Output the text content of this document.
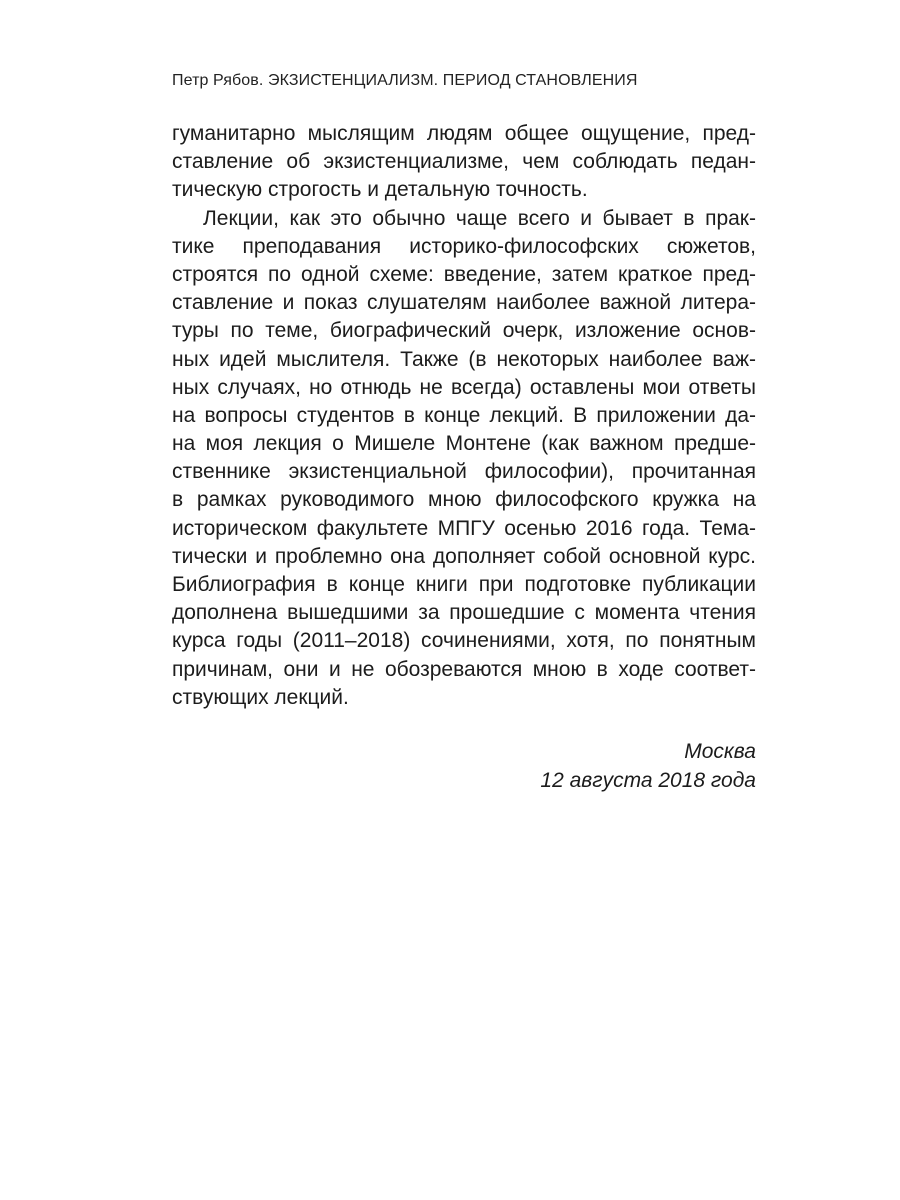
Петр Рябов. ЭКЗИСТЕНЦИАЛИЗМ. ПЕРИОД СТАНОВЛЕНИЯ
гуманитарно мыслящим людям общее ощущение, пред-
ставление об экзистенциализме, чем соблюдать педан-
тическую строгость и детальную точность.
Лекции, как это обычно чаще всего и бывает в прак-
тике преподавания историко-философских сюжетов,
строятся по одной схеме: введение, затем краткое пред-
ставление и показ слушателям наиболее важной литера-
туры по теме, биографический очерк, изложение основ-
ных идей мыслителя. Также (в некоторых наиболее важ-
ных случаях, но отнюдь не всегда) оставлены мои ответы
на вопросы студентов в конце лекций. В приложении да-
на моя лекция о Мишеле Монтене (как важном предше-
ственнике экзистенциальной философии), прочитанная
в рамках руководимого мною философского кружка на
историческом факультете МПГУ осенью 2016 года. Тема-
тически и проблемно она дополняет собой основной курс.
Библиография в конце книги при подготовке публикации
дополнена вышедшими за прошедшие с момента чтения
курса годы (2011–2018) сочинениями, хотя, по понятным
причинам, они и не обозреваются мною в ходе соответ-
ствующих лекций.
Москва
12 августа 2018 года
